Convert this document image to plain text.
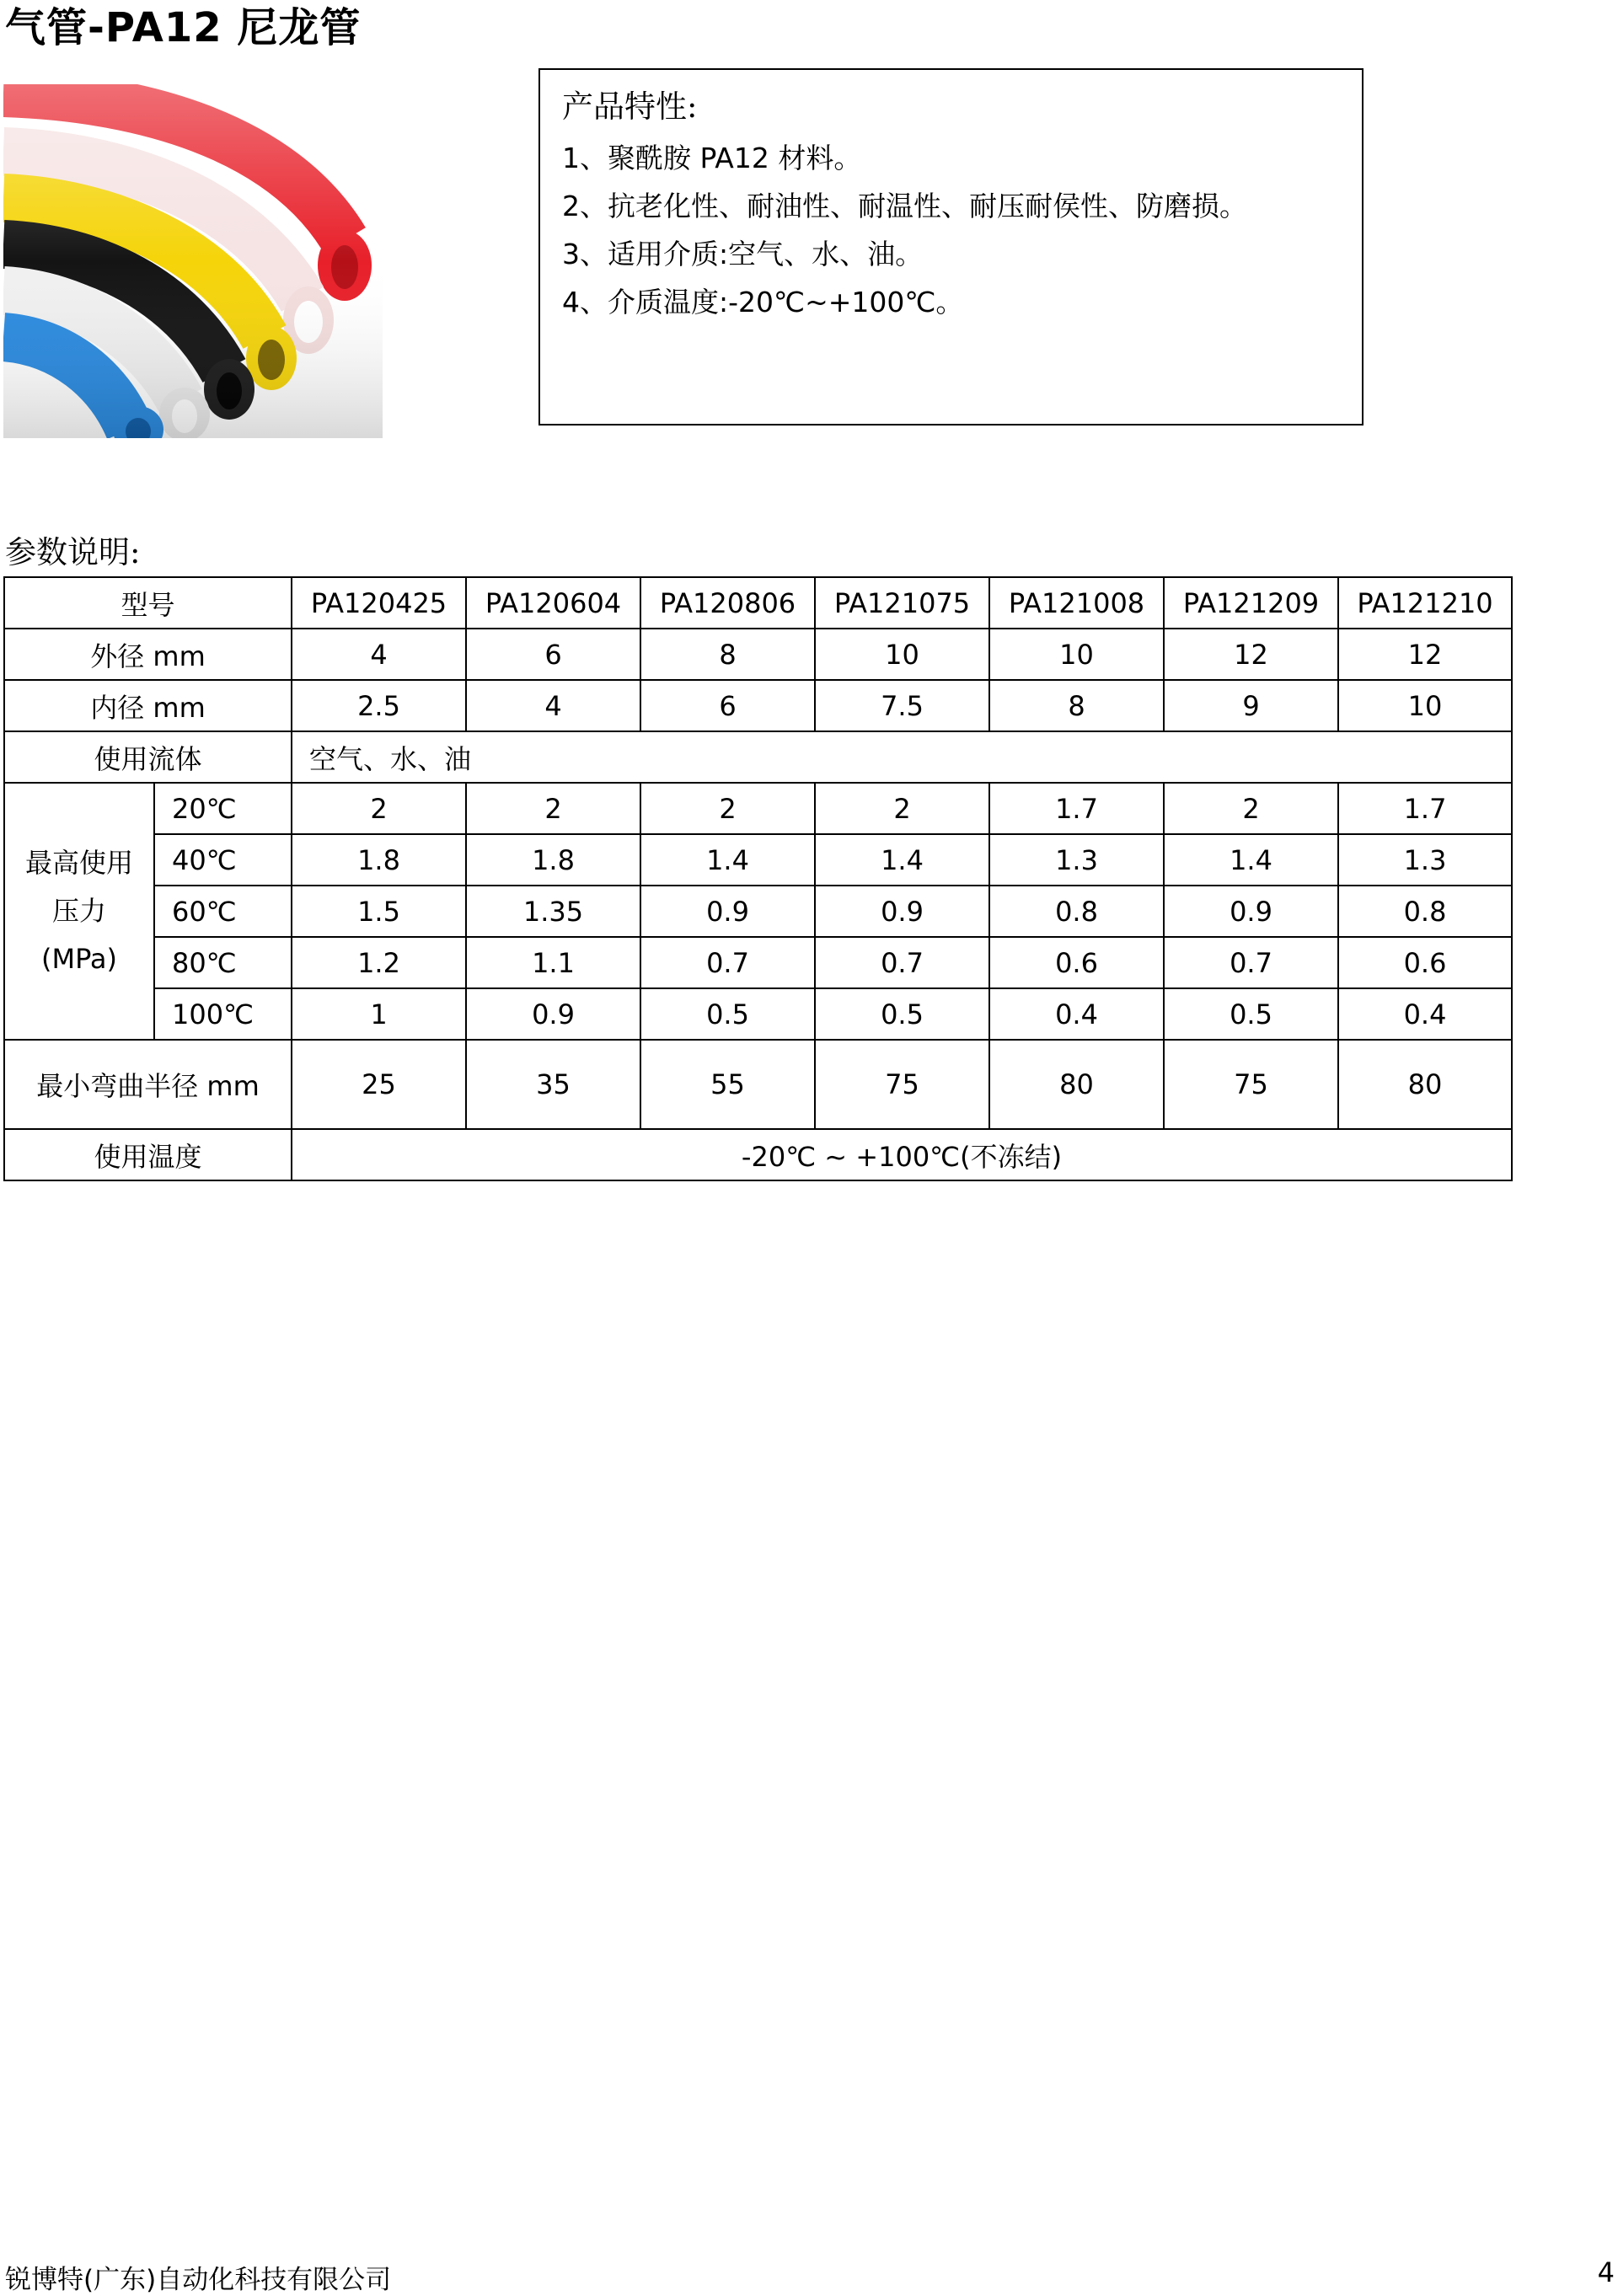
气管-PA12 尼龙管

产品特性:

1、聚酰胺 PA12 材料。
2、抗老化性、耐油性、耐温性、耐压耐侯性、防磨损。
3、适用介质:空气、水、油。
4、介质温度:-20℃~+100℃。

参数说明:

型号		PA120425	PA120604	PA120806	PA121075	PA121008	PA121209	PA121210
外径 mm		4	6	8	10	10	12	12
内径 mm		2.5	4	6	7.5	8	9	10
使用流体		空气、水、油						
最高使用
压力
(MPa)	20℃	2	2	2	2	1.7	2	1.7
	40℃	1.8	1.8	1.4	1.4	1.3	1.4	1.3
	60℃	1.5	1.35	0.9	0.9	0.8	0.9	0.8
	80℃	1.2	1.1	0.7	0.7	0.6	0.7	0.6
	100℃	1	0.9	0.5	0.5	0.4	0.5	0.4
最小弯曲半径 mm		25	35	55	75	80	75	80
使用温度		-20℃ ~ +100℃(不冻结)						
锐博特(广东)自动化科技有限公司	4
